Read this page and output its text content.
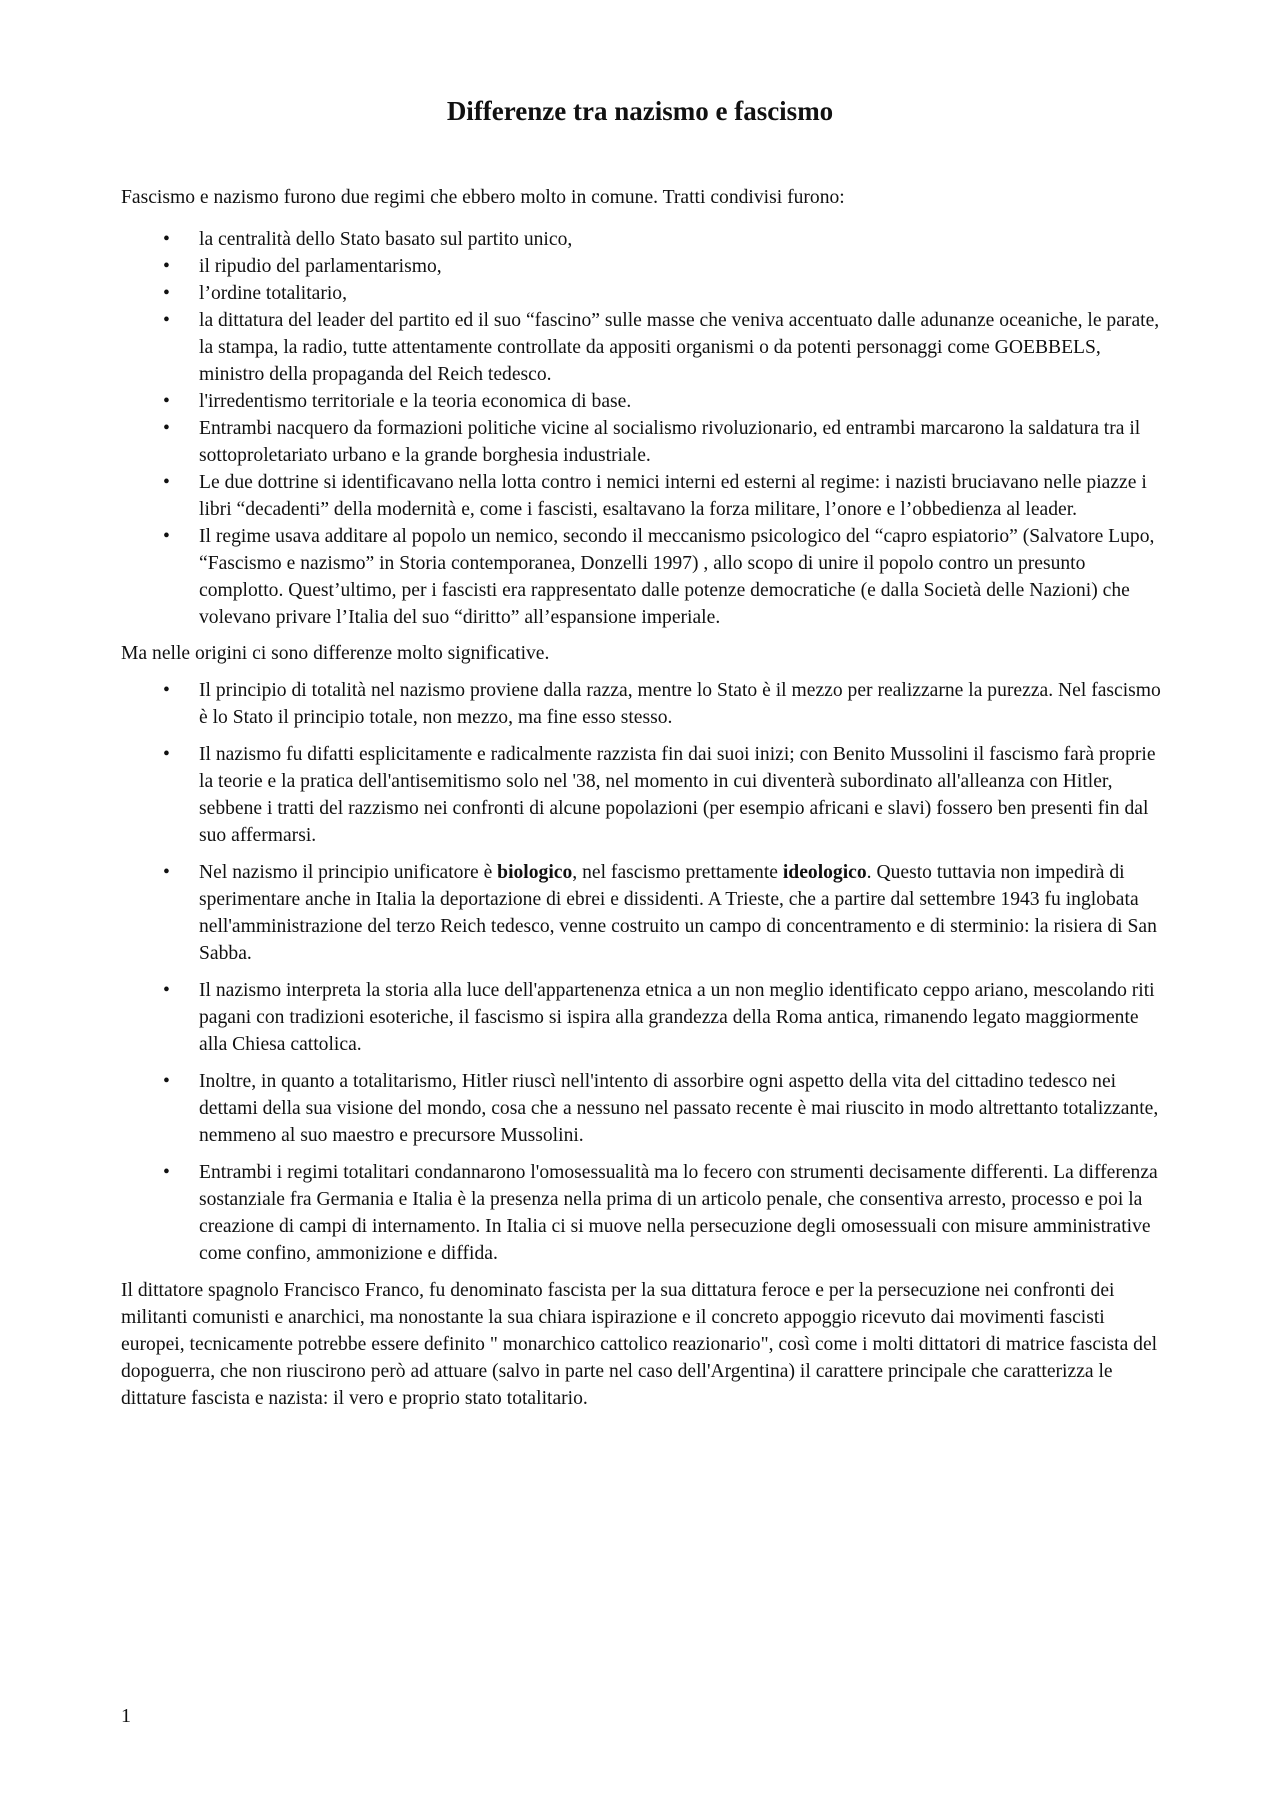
Differenze tra nazismo e fascismo

Fascismo e nazismo furono due regimi che ebbero molto in comune. Tratti condivisi furono:

• la centralità dello Stato basato sul partito unico,
• il ripudio del parlamentarismo,
• l’ordine totalitario,
• la dittatura del leader del partito ed il suo “fascino” sulle masse che veniva accentuato dalle adunanze oceaniche, le parate, la stampa, la radio, tutte attentamente controllate da appositi organismi o da potenti personaggi come GOEBBELS, ministro della propaganda del Reich tedesco.
• l'irredentismo territoriale e la teoria economica di base.
• Entrambi nacquero da formazioni politiche vicine al socialismo rivoluzionario, ed entrambi marcarono la saldatura tra il sottoproletariato urbano e la grande borghesia industriale.
• Le due dottrine si identificavano nella lotta contro i nemici interni ed esterni al regime: i nazisti bruciavano nelle piazze i libri “decadenti” della modernità e, come i fascisti, esaltavano la forza militare, l’onore e l’obbedienza al leader.
• Il regime usava additare al popolo un nemico, secondo il meccanismo psicologico del “capro espiatorio” (Salvatore Lupo, “Fascismo e nazismo” in Storia contemporanea, Donzelli 1997) , allo scopo di unire il popolo contro un presunto complotto. Quest’ultimo, per i fascisti era rappresentato dalle potenze democratiche (e dalla Società delle Nazioni) che volevano privare l’Italia del suo “diritto” all’espansione imperiale.

Ma nelle origini ci sono differenze molto significative.

• Il principio di totalità nel nazismo proviene dalla razza, mentre lo Stato è il mezzo per realizzarne la purezza. Nel fascismo è lo Stato il principio totale, non mezzo, ma fine esso stesso.
• Il nazismo fu difatti esplicitamente e radicalmente razzista fin dai suoi inizi; con Benito Mussolini il fascismo farà proprie la teorie e la pratica dell'antisemitismo solo nel '38, nel momento in cui diventerà subordinato all'alleanza con Hitler, sebbene i tratti del razzismo nei confronti di alcune popolazioni (per esempio africani e slavi) fossero ben presenti fin dal suo affermarsi.
• Nel nazismo il principio unificatore è biologico, nel fascismo prettamente ideologico. Questo tuttavia non impedirà di sperimentare anche in Italia la deportazione di ebrei e dissidenti. A Trieste, che a partire dal settembre 1943 fu inglobata nell'amministrazione del terzo Reich tedesco, venne costruito un campo di concentramento e di sterminio: la risiera di San Sabba.
• Il nazismo interpreta la storia alla luce dell'appartenenza etnica a un non meglio identificato ceppo ariano, mescolando riti pagani con tradizioni esoteriche, il fascismo si ispira alla grandezza della Roma antica, rimanendo legato maggiormente alla Chiesa cattolica.
• Inoltre, in quanto a totalitarismo, Hitler riuscì nell'intento di assorbire ogni aspetto della vita del cittadino tedesco nei dettami della sua visione del mondo, cosa che a nessuno nel passato recente è mai riuscito in modo altrettanto totalizzante, nemmeno al suo maestro e precursore Mussolini.
• Entrambi i regimi totalitari condannarono l'omosessualità ma lo fecero con strumenti decisamente differenti. La differenza sostanziale fra Germania e Italia è la presenza nella prima di un articolo penale, che consentiva arresto, processo e poi la creazione di campi di internamento. In Italia ci si muove nella persecuzione degli omosessuali con misure amministrative come confino, ammonizione e diffida.

Il dittatore spagnolo Francisco Franco, fu denominato fascista per la sua dittatura feroce e per la persecuzione nei confronti dei militanti comunisti e anarchici, ma nonostante la sua chiara ispirazione e il concreto appoggio ricevuto dai movimenti fascisti europei, tecnicamente potrebbe essere definito " monarchico cattolico reazionario", così come i molti dittatori di matrice fascista del dopoguerra, che non riuscirono però ad attuare (salvo in parte nel caso dell'Argentina) il carattere principale che caratterizza le dittature fascista e nazista: il vero e proprio stato totalitario.

1
